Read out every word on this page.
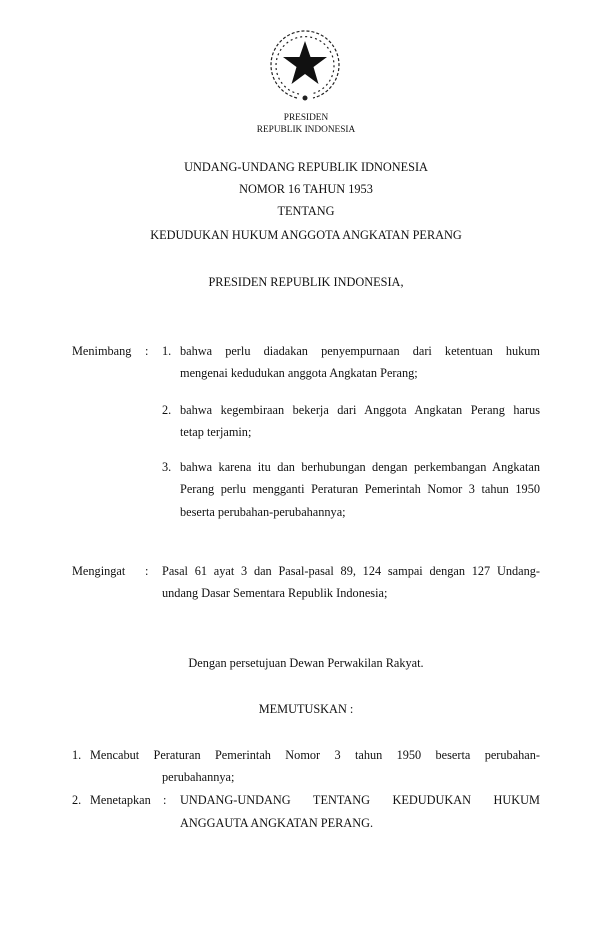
PRESIDEN
REPUBLIK INDONESIA
UNDANG-UNDANG REPUBLIK IDNONESIA
NOMOR 16 TAHUN 1953
TENTANG
KEDUDUKAN HUKUM ANGGOTA ANGKATAN PERANG
PRESIDEN REPUBLIK INDONESIA,
Menimbang : 1. bahwa perlu diadakan penyempurnaan dari ketentuan hukum
mengenai kedudukan anggota Angkatan Perang;
2. bahwa kegembiraan bekerja dari Anggota Angkatan Perang harus
tetap terjamin;
3. bahwa karena itu dan berhubungan dengan perkembangan Angkatan
Perang perlu mengganti Peraturan Pemerintah Nomor 3 tahun 1950
beserta perubahan-perubahannya;
Mengingat : Pasal 61 ayat 3 dan Pasal-pasal 89, 124 sampai dengan 127 Undang-
undang Dasar Sementara Republik Indonesia;
Dengan persetujuan Dewan Perwakilan Rakyat.
MEMUTUSKAN :
1. Mencabut Peraturan Pemerintah Nomor 3 tahun 1950 beserta perubahan-
perubahannya;
2. Menetapkan : UNDANG-UNDANG TENTANG KEDUDUKAN HUKUM
ANGGAUTA ANGKATAN PERANG.
